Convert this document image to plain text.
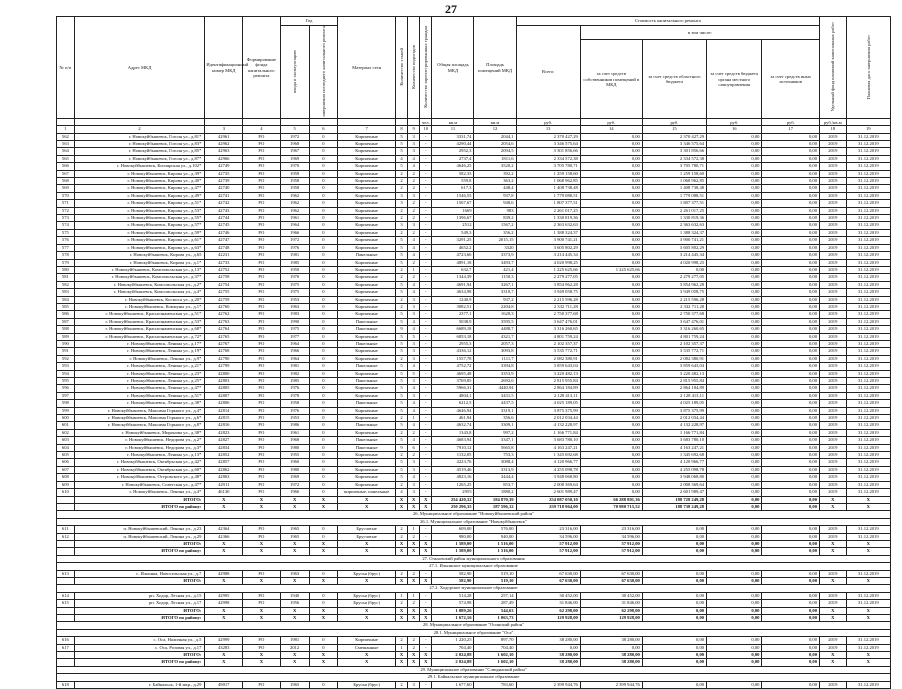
27
№ п/п	Адрес МКД	Идентификационный номер МКД	Формирование фонда капитального ремонта	Год		Материал стен	Количество этажей	Количество подъездов	Количество зарегистрированных граждан	Общая площадь МКД	Площадь помещений МКД	Стоимость капитального ремонта					Удельный фонд вложений капитальных работ	Плановая дата завершения работ
				ввода в эксплуатацию	завершения последнего капитального ремонта							Всего:	в том числе:					
													за счет средств собственников помещений в МКД	за счет средств областного бюджета	за счет средств бюджета органа местного самоуправления	за счет средств иных источников		
									чел.	кв.м	кв.м	руб.	руб.	руб.	руб.	руб.	руб./кв.м	
1	2	3	4	5	6	7	8	9	10	11	12	13	14	15	16	17	18	19
562	г. Новокуйбышевск, Гоголя ул., д.81*	42961	РО	1972	0	Кирпичные	5	3	-	3331,74	2044,1	2 370 427,29	0,00	2 370 427,29	0,00	0,00	2019	31.12.2019
563	г. Новокуйбышевск, Гоголя ул., д.83*	42962	РО	1968	0	Кирпичные	5	3	-	4290,44	2054,6	3 346 575,64	0,00	3 346 575,64	0,00	0,00	2019	31.12.2019
564	г. Новокуйбышевск, Гоголя ул., д.85*	42963	РО	1967	0	Кирпичные	5	3	-	2952,3	2094,5	3 301 856,66	0,00	3 301 856,66	0,00	0,00	2019	31.12.2019
565	г. Новокуйбышевск, Гоголя ул., д.87*	42966	РО	1969	0	Кирпичные	4	4	-	2737,4	1811,6	2 334 572,38	0,00	2 334 572,38	0,00	0,00	2019	31.12.2019
566	г. Новокуйбышевск, Кизлярская ул., д.102*	42749	РО	1970	0	Кирпичные	5	4	-	4646,25	3520,2	3 705 780,71	0,00	3 705 780,71	0,00	0,00	2019	31.12.2019
567	г. Новокуйбышевск, Кирова ул., д.39*	42735	РО	1959	0	Кирпичные	2	2	-	582,33	392,2	1 259 158,60	0,00	1 259 158,60	0,00	0,00	2019	31.12.2019
568	г. Новокуйбышевск, Кирова ул., д.40*	42739	РО	1958	0	Кирпичные	2	2	-	559,8	363,2	1 068 962,85	0,00	1 068 962,85	0,00	0,00	2019	31.12.2019
569	г. Новокуйбышевск, Кирова ул., д.47*	42740	РО	1958	0	Кирпичные	2	2	-	617,3	448,4	1 408 738,48	0,00	1 408 738,48	0,00	0,00	2019	31.12.2019
570	г. Новокуйбышевск, Кирова ул., д.49*	42741	РО	1962	0	Кирпичные	3	3	-	1546,55	937,8	1 779 088,51	0,00	1 779 088,51	0,00	0,00	2019	31.12.2019
571	г. Новокуйбышевск, Кирова ул., д.51*	42742	РО	1962	0	Кирпичные	3	2	-	1567,67	948,6	1 807 377,51	0,00	1 807 377,51	0,00	0,00	2019	31.12.2019
572	г. Новокуйбышевск, Кирова ул., д.53*	42743	РО	1962	0	Кирпичные	2	2	-	1669	983	2 261 017,25	0,00	2 261 017,25	0,00	0,00	2019	31.12.2019
573	г. Новокуйбышевск, Кирова ул., д.55*	42744	РО	1961	0	Кирпичные	2	2	-	1396,67	839,2	1 330 819,36	0,00	1 330 819,36	0,00	0,00	2019	31.12.2019
574	г. Новокуйбышевск, Кирова ул., д.57*	42745	РО	1964	0	Кирпичные	3	3	-	2512	1567,2	2 363 632,63	0,00	2 363 632,63	0,00	0,00	2019	31.12.2019
575	г. Новокуйбышевск, Кирова ул., д.59*	42746	РО	1966	0	Кирпичные	2	2	-	549,3	356,2	1 388 324,37	0,00	1 388 324,37	0,00	0,00	2019	31.12.2019
576	г. Новокуйбышевск, Кирова ул., д.61*	42747	РО	1972	0	Кирпичные	5	4	-	3291,25	2015,15	3 900 741,21	0,00	3 900 741,21	0,00	0,00	2019	31.12.2019
577	г. Новокуйбышевск, Кирова ул., д.63*	42748	РО	1976	0	Кирпичные	5	4	-	4652,2	3320	3 605 802,29	0,00	3 605 802,29	0,00	0,00	2019	31.12.2019
578	г. Новокуйбышевск, Кирова ул., д.65	42231	РО	1981	0	Панельные	5	4	-	4723,66	3373,9	3 214 445,34	0,00	3 214 445,34	0,00	0,00	2019	31.12.2019
579	г. Новокуйбышевск, Кирова ул., д.1*	42733	РО	1985	0	Кирпичные	5	2	-	4891,18	3493,7	4 020 998,25	0,00	4 020 998,25	0,00	0,00	2019	31.12.2019
580	г. Новокуйбышевск, Комсомольская ул., д.13*	42752	РО	1950	0	Кирпичные	2	1	-	632,7	421,4	1 225 625,66	1 225 625,66	0,00	0,00	0,00	2019	31.12.2019
581	г. Новокуйбышевск, Комсомольская ул., д.37*	42758	РО	1970	0	Кирпичные	2	2	-	1344,39	1150,3	2 279 277,05	0,00	2 279 277,05	0,00	0,00	2019	31.12.2019
582	г. Новокуйбышевск, Комсомольская ул., д.2*	42754	РО	1975	0	Кирпичные	5	4	-	4691,94	3267,1	3 854 962,28	0,00	3 854 962,28	0,00	0,00	2019	31.12.2019
583	г. Новокуйбышевск, Комсомольская ул., д.4*	42755	РО	1975	0	Кирпичные	5	4	-	4634,98	3310,7	3 949 058,75	0,00	3 949 058,75	0,00	0,00	2019	31.12.2019
584	г. Новокуйбышевск, Космоса ул., д.20*	42759	РО	1953	0	Кирпичные	2	3	-	1240,9	937,2	2 215 596,28	0,00	2 215 596,28	0,00	0,00	2019	31.12.2019
585	г. Новокуйбышевск, Коммуны ул., д.1*	42760	РО	1963	0	Кирпичные	2	3	-	3082,51	2204,8	2 332 711,28	0,00	2 332 711,28	0,00	0,00	2019	31.12.2019
586	г. Новокуйбышевск, Краснознаменская ул., д.51*	42762	РО	1983	0	Кирпичные	5	3	-	2377,1	1628,3	2 750 377,68	0,00	2 750 377,68	0,00	0,00	2019	31.12.2019
587	г. Новокуйбышевск, Краснознаменская ул., д.53*	42763	РО	1990	0	Панельные	5	4	-	5038,9	3595,5	3 647 476,01	0,00	3 647 476,01	0,00	0,00	2019	31.12.2019
588	г. Новокуйбышевск, Краснознаменская ул., д.68*	42764	РО	1975	0	Панельные	9	4	-	6689,18	4488,7	3 316 260,65	0,00	3 316 260,65	0,00	0,00	2019	31.12.2019
589	г. Новокуйбышевск, Краснознаменская ул., д.72*	42765	РО	1977	0	Кирпичные	5	5	-	6853,18	4321,7	4 801 759,24	0,00	4 801 759,24	0,00	0,00	2019	31.12.2019
590	г. Новокуйбышевск, Ленина ул., д.17*	42767	РО	1964	0	Панельные	5	3	-	2955,3	2057,3	2 102 357,37	0,00	2 102 357,37	0,00	0,00	2019	31.12.2019
591	г. Новокуйбышевск, Ленина ул., д.19*	42768	РО	1966	0	Кирпичные	5	3	-	4336,12	3093,8	3 535 772,71	0,00	3 535 772,71	0,00	0,00	2019	31.12.2019
592	г. Новокуйбышевск, Ленина ул., д.9*	42790	РО	1964	0	Кирпичные	2	3	-	1557,78	1111,7	2 082 380,91	0,00	2 082 380,91	0,00	0,00	2019	31.12.2019
593	г. Новокуйбышевск, Ленина ул., д.21*	42799	РО	1981	0	Панельные	5	4	-	4752,72	3394,8	3 859 643,04	0,00	3 859 643,04	0,00	0,00	2019	31.12.2019
594	г. Новокуйбышевск, Ленина ул., д.23*	42800	РО	1982	0	Кирпичные	5	5	-	4695,48	3353,9	3 220 482,13	0,00	3 220 482,13	0,00	0,00	2019	31.12.2019
595	г. Новокуйбышевск, Ленина ул., д.25*	42803	РО	1985	0	Панельные	5	3	-	3769,85	2692,6	2 815 955,84	0,00	2 815 955,84	0,00	0,00	2019	31.12.2019
596	г. Новокуйбышевск, Ленина ул., д.47*	42805	РО	1976	0	Кирпичные	5	4	-	5966,31	4440,94	2 864 184,89	0,00	2 864 184,89	0,00	0,00	2019	31.12.2019
597	г. Новокуйбышевск, Ленина ул., д.51*	42807	РО	1978	0	Кирпичные	5	3	-	4804,1	3431,5	2 128 413,11	0,00	2 128 413,11	0,00	0,00	2019	31.12.2019
598	г. Новокуйбышевск, Ленина ул., д.38*	42806	РО	1958	0	Панельные	5	4	-	6212,5	4437,5	4 025 189,05	0,00	4 025 189,05	0,00	0,00	2019	31.12.2019
599	г. Новокуйбышевск, Максима Горького ул., д.4*	42814	РО	1976	0	Кирпичные	5	4	-	4646,94	3319,1	3 875 375,99	0,00	3 875 375,99	0,00	0,00	2019	31.12.2019
600	г. Новокуйбышевск, Максима Горького ул., д.6*	42815	РО	1953	0	Кирпичные	2	1	-	461,94	356,6	2 012 034,44	0,00	2 012 034,44	0,00	0,00	2019	31.12.2019
601	г. Новокуйбышевск, Максима Горького ул., д.8*	42816	РО	1986	0	Панельные	5	4	-	4632,74	3309,1	4 132 228,97	0,00	4 132 228,97	0,00	0,00	2019	31.12.2019
602	г. Новокуйбышевск, Миронова ул., д.38*	42823	РО	1961	0	Кирпичные	2	2	-	1343,8	997,2	1 166 771,84	0,00	1 166 771,84	0,00	0,00	2019	31.12.2019
603	г. Новокуйбышевск, Недорова ул., д.2*	42827	РО	1968	0	Панельные	5	4	-	4683,94	3347,1	3 683 780,10	0,00	3 683 780,10	0,00	0,00	2019	31.12.2019
604	г. Новокуйбышевск, Недорова ул., д.3*	42834	РО	1980	0	Панельные	9	6	-	7910,12	5665,8	4 163 247,21	0,00	4 163 247,21	0,00	0,00	2019	31.12.2019
605	г. Новокуйбышевск, Ленина ул., д.13*	42852	РО	1955	0	Кирпичные	2	2	-	1132,05	753,3	1 345 692,68	0,00	1 345 692,68	0,00	0,00	2019	31.12.2019
606	г. Новокуйбышевск, Октябрьская ул., д.42*	42857	РО	1960	0	Кирпичные	5	3	-	4223,76	3088,4	4 120 966,77	0,00	4 120 966,77	0,00	0,00	2019	31.12.2019
607	г. Новокуйбышевск, Октябрьская ул., д.60*	42862	РО	1980	0	Кирпичные	5	3	-	4519,46	3313,9	4 255 098,78	0,00	4 255 098,78	0,00	0,00	2019	31.12.2019
608	г. Новокуйбышевск, Островского ул., д.48*	42863	РО	1969	0	Кирпичные	5	4	-	4823,16	3444,4	3 948 068,80	0,00	3 948 068,80	0,00	0,00	2019	31.12.2019
609	г. Новокуйбышевск, Советская ул., д.47*	42911	РО	1972	0	Кирпичные	2	3	-	1265,25	853,7	2 008 369,64	0,00	2 008 369,64	0,00	0,00	2019	31.12.2019
610	г. Новокуйбышевск, Ленина ул., д.4*	46130	РО	1966	0	кирпичные, панельные	4	3	-	2955	1880,2	2 601 989,47	0,00	2 601 989,47	0,00	0,00	2019	31.12.2019
	ИТОГО:	Х	Х	Х	Х	Х	Х	Х	Х	254 420,32	184 870,39	254 087 050,10	66 288 801,36	188 728 249,28	0,00	0,00	Х	Х
	ИТОГО по району:	Х	Х	Х	Х	Х	Х	Х	Х	250 296,35	187 596,12	259 718 964,00	70 980 715,52	188 738 249,28	0,00	0,00	Х	Х
26. Муниципальное образование "Новокуйбышевский район"																		
26.1. Муниципальное образование "Новокуйбышевск"																		
611	п. Новокуйбышевский, Ленина ул., д.23	42364	РО	1965	0	Брусчатые	2	1	-	609,00	576,00	23 316,00	23 316,00	0,00	0,00	0,00	2019	31.12.2019
612	п. Новокуйбышевский, Ленина ул., д.29	42366	РО	1965	0	Брусчатые	2	2	-	980,00	940,00	34 596,00	34 596,00	0,00	0,00	0,00	2019	31.12.2019
	ИТОГО:	Х	Х	Х	Х	Х	Х	Х	Х	1 589,00	1 516,00	57 912,00	57 912,00	0,00	0,00	0,00	Х	Х
	ИТОГО по району:	Х	Х	Х	Х	Х	Х	Х	Х	1 589,00	1 516,00	57 912,00	57 912,00	0,00	0,00	0,00	Х	Х
27. Ольховский район муниципального образования																		
27.1. Ильинское муниципальное образование																		
613	с. Ильинка, Новосельская ул., д.7	42988	РО	1963	0	Брусья (брус)	2	2	-	582,90	519,10	67 630,00	67 630,00	0,00	0,00	0,00	2019	31.12.2019
	ИТОГО:	Х	Х	Х	Х	Х	Х	Х	Х	582,90	519,10	67 630,00	67 630,00	0,00	0,00	0,00	Х	Х
27.2. Ходорское муниципальное образование																		
614	рп. Ходор, Лесная ул., д.15	42995	РО	1940	0	Брусья (брус)	1	1	-	514,28	257,14	30 452,00	30 452,00	0,00	0,00	0,00	2019	31.12.2019
615	рп. Ходор, Лесная ул., д.17	42998	РО	1956	0	Брусья (брус)	2	2	-	574,98	287,49	31 846,00	31 846,00	0,00	0,00	0,00	2019	31.12.2019
	ИТОГО:	Х	Х	Х	Х	Х	Х	Х	Х	1 089,26	544,63	62 298,00	62 298,00	0,00	0,00	0,00	Х	Х
	ИТОГО по району:	Х	Х	Х	Х	Х	Х	Х	Х	1 672,16	1 063,73	129 928,00	129 928,00	0,00	0,00	0,00	Х	Х
28. Муниципальное образование "Осинский район"																		
28.1. Муниципальное образование "Оса"																		
616	с. Оса, Наличная ул., д.5	42999	РО	1981	0	Кирпичные	2	2	-	1 220,25	897,70	38 280,00	38 280,00	0,00	0,00	0,00	2019	31.12.2019
617	с. Оса, Розовая ул., д.17	43283	РО	2012	0	Смешанные	1	2	-	704,40	704,40	0,00	0,00	0,00	0,00	0,00	2019	31.12.2019
	ИТОГО:	Х	Х	Х	Х	Х	Х	Х	Х	2 024,88	1 602,10	38 280,00	38 280,00	0,00	0,00	0,00	Х	Х
	ИТОГО по району:	Х	Х	Х	Х	Х	Х	Х	Х	2 024,88	1 602,10	38 280,00	38 280,00	0,00	0,00	0,00	Х	Х
29. Муниципальное образование "Слюдянский район"																		
29.1. Байкальское муниципальное образование																		
618	г. Байкальск, 1-й мкр., д.29	49017	РО	1965	0	Брусья (брус)	2	3	-	1 677,60	783,60	2 399 944,76	2 399 944,76	0,00	0,00	0,00	2019	31.12.2019
